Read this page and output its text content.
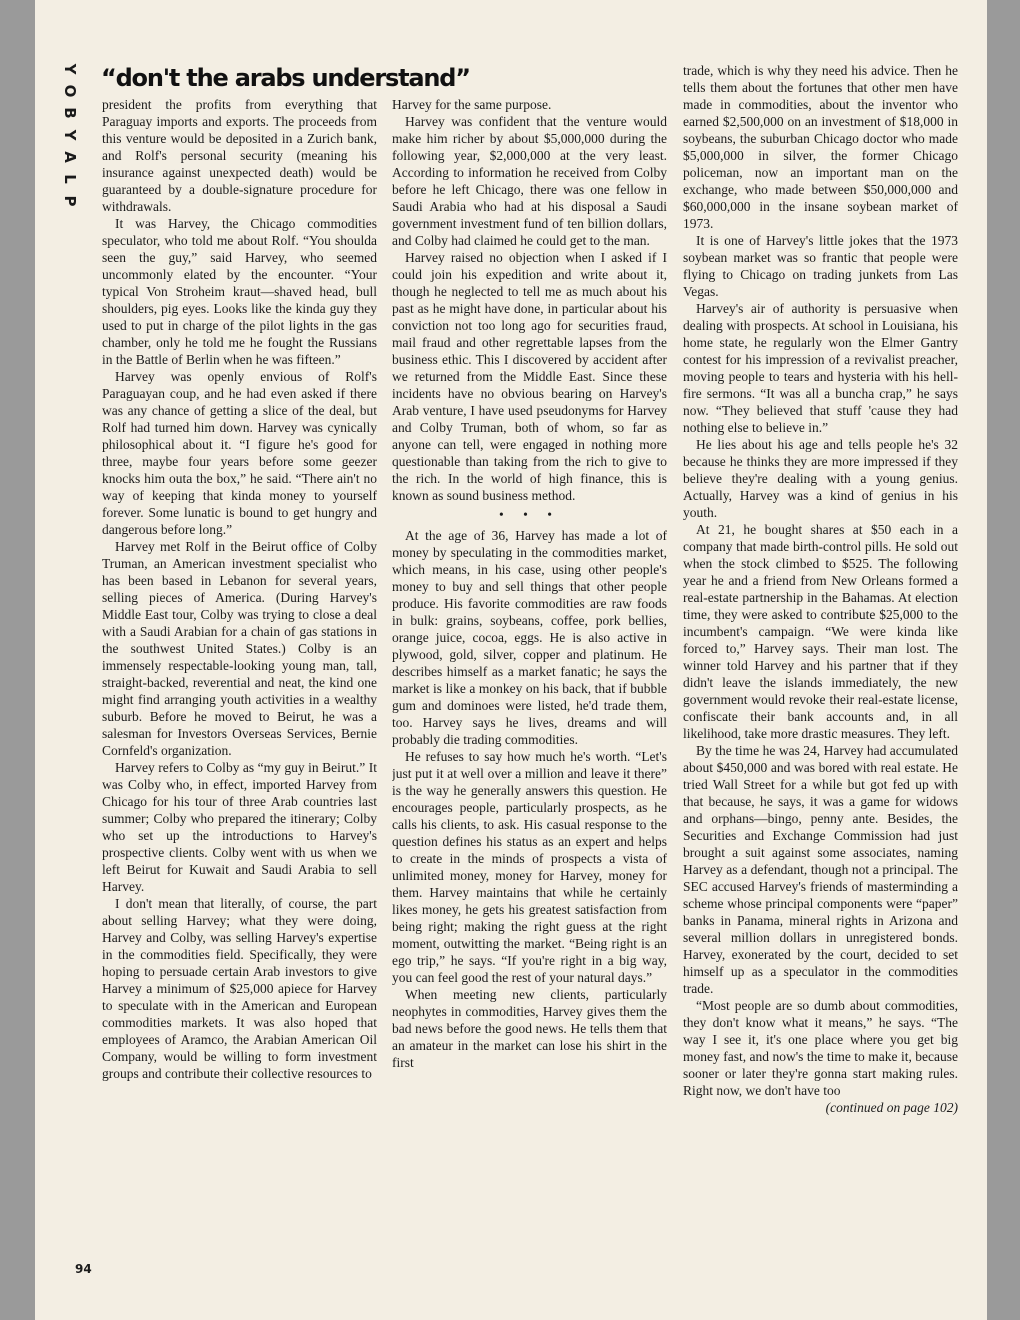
Y
O
B
Y
A
L
P
“don't the arabs understand”

president the profits from everything that Paraguay imports and exports. The proceeds from this venture would be deposited in a Zurich bank, and Rolf's personal security (meaning his insurance against unexpected death) would be guaranteed by a double-signature procedure for withdrawals.

It was Harvey, the Chicago commodities speculator, who told me about Rolf. “You shoulda seen the guy,” said Harvey, who seemed uncommonly elated by the encounter. “Your typical Von Stroheim kraut—shaved head, bull shoulders, pig eyes. Looks like the kinda guy they used to put in charge of the pilot lights in the gas chamber, only he told me he fought the Russians in the Battle of Berlin when he was fifteen.”

Harvey was openly envious of Rolf's Paraguayan coup, and he had even asked if there was any chance of getting a slice of the deal, but Rolf had turned him down. Harvey was cynically philosophical about it. “I figure he's good for three, maybe four years before some geezer knocks him outa the box,” he said. “There ain't no way of keeping that kinda money to yourself forever. Some lunatic is bound to get hungry and dangerous before long.”

Harvey met Rolf in the Beirut office of Colby Truman, an American investment specialist who has been based in Lebanon for several years, selling pieces of America. (During Harvey's Middle East tour, Colby was trying to close a deal with a Saudi Arabian for a chain of gas stations in the southwest United States.) Colby is an immensely respectable-looking young man, tall, straight-backed, reverential and neat, the kind one might find arranging youth activities in a wealthy suburb. Before he moved to Beirut, he was a salesman for Investors Overseas Services, Bernie Cornfeld's organization.

Harvey refers to Colby as “my guy in Beirut.” It was Colby who, in effect, imported Harvey from Chicago for his tour of three Arab countries last summer; Colby who prepared the itinerary; Colby who set up the introductions to Harvey's prospective clients. Colby went with us when we left Beirut for Kuwait and Saudi Arabia to sell Harvey.

I don't mean that literally, of course, the part about selling Harvey; what they were doing, Harvey and Colby, was selling Harvey's expertise in the commodities field. Specifically, they were hoping to persuade certain Arab investors to give Harvey a minimum of $25,000 apiece for Harvey to speculate with in the American and European commodities markets. It was also hoped that employees of Aramco, the Arabian American Oil Company, would be willing to form investment groups and contribute their collective resources to

Harvey for the same purpose.

Harvey was confident that the venture would make him richer by about $5,000,000 during the following year, $2,000,000 at the very least. According to information he received from Colby before he left Chicago, there was one fellow in Saudi Arabia who had at his disposal a Saudi government investment fund of ten billion dollars, and Colby had claimed he could get to the man.

Harvey raised no objection when I asked if I could join his expedition and write about it, though he neglected to tell me as much about his past as he might have done, in particular about his conviction not too long ago for securities fraud, mail fraud and other regrettable lapses from the business ethic. This I discovered by accident after we returned from the Middle East. Since these incidents have no obvious bearing on Harvey's Arab venture, I have used pseudonyms for Harvey and Colby Truman, both of whom, so far as anyone can tell, were engaged in nothing more questionable than taking from the rich to give to the rich. In the world of high finance, this is known as sound business method.

• • •

At the age of 36, Harvey has made a lot of money by speculating in the commodities market, which means, in his case, using other people's money to buy and sell things that other people produce. His favorite commodities are raw foods in bulk: grains, soybeans, coffee, pork bellies, orange juice, cocoa, eggs. He is also active in plywood, gold, silver, copper and platinum. He describes himself as a market fanatic; he says the market is like a monkey on his back, that if bubble gum and dominoes were listed, he'd trade them, too. Harvey says he lives, dreams and will probably die trading commodities.

He refuses to say how much he's worth. “Let's just put it at well over a million and leave it there” is the way he generally answers this question. He encourages people, particularly prospects, as he calls his clients, to ask. His casual response to the question defines his status as an expert and helps to create in the minds of prospects a vista of unlimited money, money for Harvey, money for them. Harvey maintains that while he certainly likes money, he gets his greatest satisfaction from being right; making the right guess at the right moment, outwitting the market. “Being right is an ego trip,” he says. “If you're right in a big way, you can feel good the rest of your natural days.”

When meeting new clients, particularly neophytes in commodities, Harvey gives them the bad news before the good news. He tells them that an amateur in the market can lose his shirt in the first

trade, which is why they need his advice. Then he tells them about the fortunes that other men have made in commodities, about the inventor who earned $2,500,000 on an investment of $18,000 in soybeans, the suburban Chicago doctor who made $5,000,000 in silver, the former Chicago policeman, now an important man on the exchange, who made between $50,000,000 and $60,000,000 in the insane soybean market of 1973.

It is one of Harvey's little jokes that the 1973 soybean market was so frantic that people were flying to Chicago on trading junkets from Las Vegas.

Harvey's air of authority is persuasive when dealing with prospects. At school in Louisiana, his home state, he regularly won the Elmer Gantry contest for his impression of a revivalist preacher, moving people to tears and hysteria with his hell-fire sermons. “It was all a buncha crap,” he says now. “They believed that stuff 'cause they had nothing else to believe in.”

He lies about his age and tells people he's 32 because he thinks they are more impressed if they believe they're dealing with a young genius. Actually, Harvey was a kind of genius in his youth.

At 21, he bought shares at $50 each in a company that made birth-control pills. He sold out when the stock climbed to $525. The following year he and a friend from New Orleans formed a real-estate partnership in the Bahamas. At election time, they were asked to contribute $25,000 to the incumbent's campaign. “We were kinda like forced to,” Harvey says. Their man lost. The winner told Harvey and his partner that if they didn't leave the islands immediately, the new government would revoke their real-estate license, confiscate their bank accounts and, in all likelihood, take more drastic measures. They left.

By the time he was 24, Harvey had accumulated about $450,000 and was bored with real estate. He tried Wall Street for a while but got fed up with that because, he says, it was a game for widows and orphans—bingo, penny ante. Besides, the Securities and Exchange Commission had just brought a suit against some associates, naming Harvey as a defendant, though not a principal. The SEC accused Harvey's friends of masterminding a scheme whose principal components were “paper” banks in Panama, mineral rights in Arizona and several million dollars in unregistered bonds. Harvey, exonerated by the court, decided to set himself up as a speculator in the commodities trade.

“Most people are so dumb about commodities, they don't know what it means,” he says. “The way I see it, it's one place where you get big money fast, and now's the time to make it, because sooner or later they're gonna start making rules. Right now, we don't have too

(continued on page 102)

94
